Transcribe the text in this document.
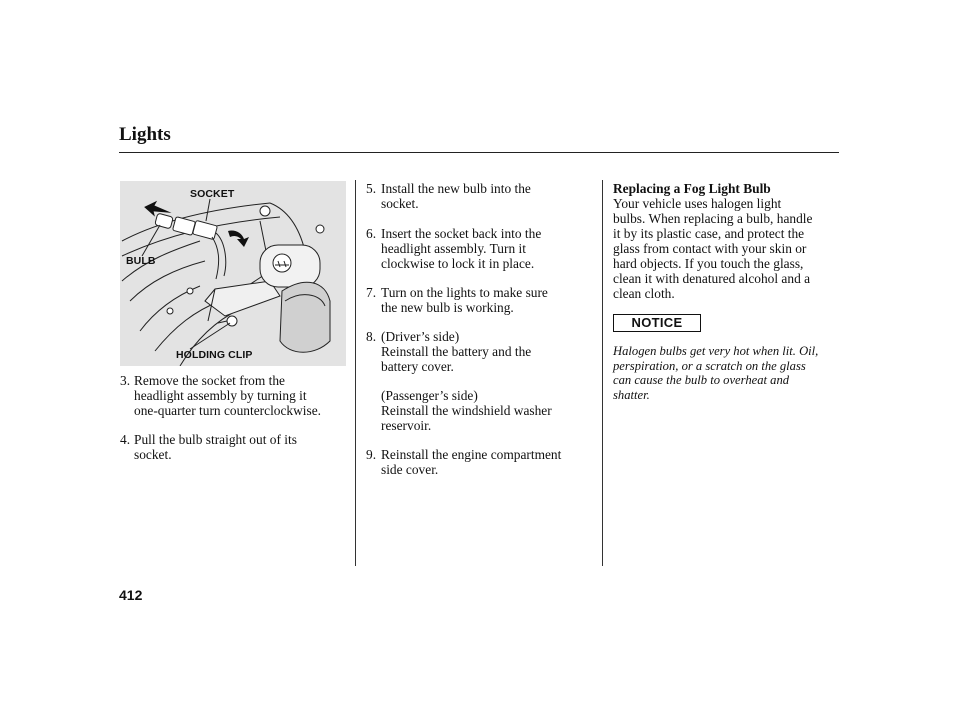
Lights
SOCKET
BULB
HOLDING CLIP
3. Remove the socket from the
headlight assembly by turning it
one-quarter turn counterclockwise.
4. Pull the bulb straight out of its
socket.
5. Install the new bulb into the
socket.
6. Insert the socket back into the
headlight assembly. Turn it
clockwise to lock it in place.
7. Turn on the lights to make sure
the new bulb is working.
8. (Driver’s side)
Reinstall the battery and the
battery cover.
(Passenger’s side)
Reinstall the windshield washer
reservoir.
9. Reinstall the engine compartment
side cover.
Replacing a Fog Light Bulb
Your vehicle uses halogen light
bulbs. When replacing a bulb, handle
it by its plastic case, and protect the
glass from contact with your skin or
hard objects. If you touch the glass,
clean it with denatured alcohol and a
clean cloth.
NOTICE
Halogen bulbs get very hot when lit. Oil,
perspiration, or a scratch on the glass
can cause the bulb to overheat and
shatter.
412
